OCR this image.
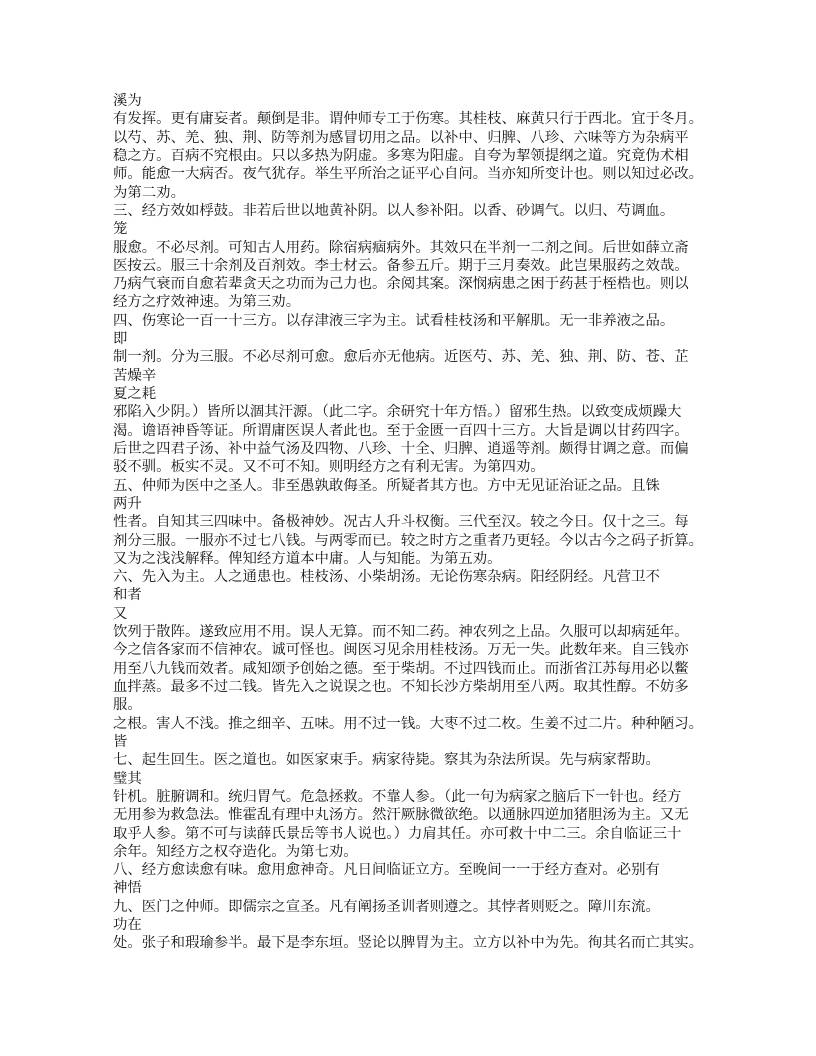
溪为
有发挥。更有庸妄者。颠倒是非。谓仲师专工于伤寒。其桂枝、麻黄只行于西北。宜于冬月。
以芍、苏、羌、独、荆、防等剂为感冒切用之品。以补中、归脾、八珍、六味等方为杂病平
稳之方。百病不究根由。只以多热为阴虚。多寒为阳虚。自夸为挈领提纲之道。究竟伪术相
师。能愈一大病否。夜气犹存。举生平所治之证平心自问。当亦知所变计也。则以知过必改。
为第二劝。
三、经方效如桴鼓。非若后世以地黄补阴。以人参补阳。以香、砂调气。以归、芍调血。
笼
服愈。不必尽剂。可知古人用药。除宿病痼病外。其效只在半剂一二剂之间。后世如薛立斋
医按云。服三十余剂及百剂效。李士材云。备参五斤。期于三月奏效。此岂果服药之效哉。
乃病气衰而自愈若辈贪天之功而为己力也。余阅其案。深悯病患之困于药甚于桎梏也。则以
经方之疗效神速。为第三劝。
四、伤寒论一百一十三方。以存津液三字为主。试看桂枝汤和平解肌。无一非养液之品。
即
制一剂。分为三服。不必尽剂可愈。愈后亦无他病。近医芍、苏、羌、独、荆、防、苍、芷
苦燥辛
夏之耗
邪陷入少阴。）皆所以涸其汗源。（此二字。余研究十年方悟。）留邪生热。以致变成烦躁大
渴。谵语神昏等证。所谓庸医误人者此也。至于金匮一百四十三方。大旨是调以甘药四字。
后世之四君子汤、补中益气汤及四物、八珍、十全、归脾、逍遥等剂。颇得甘调之意。而偏
驳不驯。板实不灵。又不可不知。则明经方之有利无害。为第四劝。
五、仲师为医中之圣人。非至愚孰敢侮圣。所疑者其方也。方中无见证治证之品。且铢
两升
性者。自知其三四味中。备极神妙。况古人升斗权衡。三代至汉。较之今日。仅十之三。每
剂分三服。一服亦不过七八钱。与两零而已。较之时方之重者乃更轻。今以古今之码子折算。
又为之浅浅解释。俾知经方道本中庸。人与知能。为第五劝。
六、先入为主。人之通患也。桂枝汤、小柴胡汤。无论伤寒杂病。阳经阴经。凡营卫不
和者
又
饮列于散阵。遂致应用不用。误人无算。而不知二药。神农列之上品。久服可以却病延年。
今之信各家而不信神农。诚可怪也。闽医习见余用桂枝汤。万无一失。此数年来。自三钱亦
用至八九钱而效者。咸知颂予创始之德。至于柴胡。不过四钱而止。而浙省江苏每用必以鳖
血拌蒸。最多不过二钱。皆先入之说误之也。不知长沙方柴胡用至八两。取其性醇。不妨多
服。
之根。害人不浅。推之细辛、五味。用不过一钱。大枣不过二枚。生姜不过二片。种种陋习。
皆
七、起生回生。医之道也。如医家束手。病家待毙。察其为杂法所误。先与病家帮助。
璧其
针机。脏腑调和。统归胃气。危急拯救。不靠人参。（此一句为病家之脑后下一针也。经方
无用参为救急法。惟霍乱有理中丸汤方。然汗厥脉微欲绝。以通脉四逆加猪胆汤为主。又无
取乎人参。第不可与读薛氏景岳等书人说也。）力肩其任。亦可救十中二三。余自临证三十
余年。知经方之权夺造化。为第七劝。
八、经方愈读愈有味。愈用愈神奇。凡日间临证立方。至晚间一一于经方查对。必别有
神悟
九、医门之仲师。即儒宗之宣圣。凡有阐扬圣训者则遵之。其悖者则贬之。障川东流。
功在
处。张子和瑕瑜参半。最下是李东垣。竖论以脾胃为主。立方以补中为先。徇其名而亡其实。
